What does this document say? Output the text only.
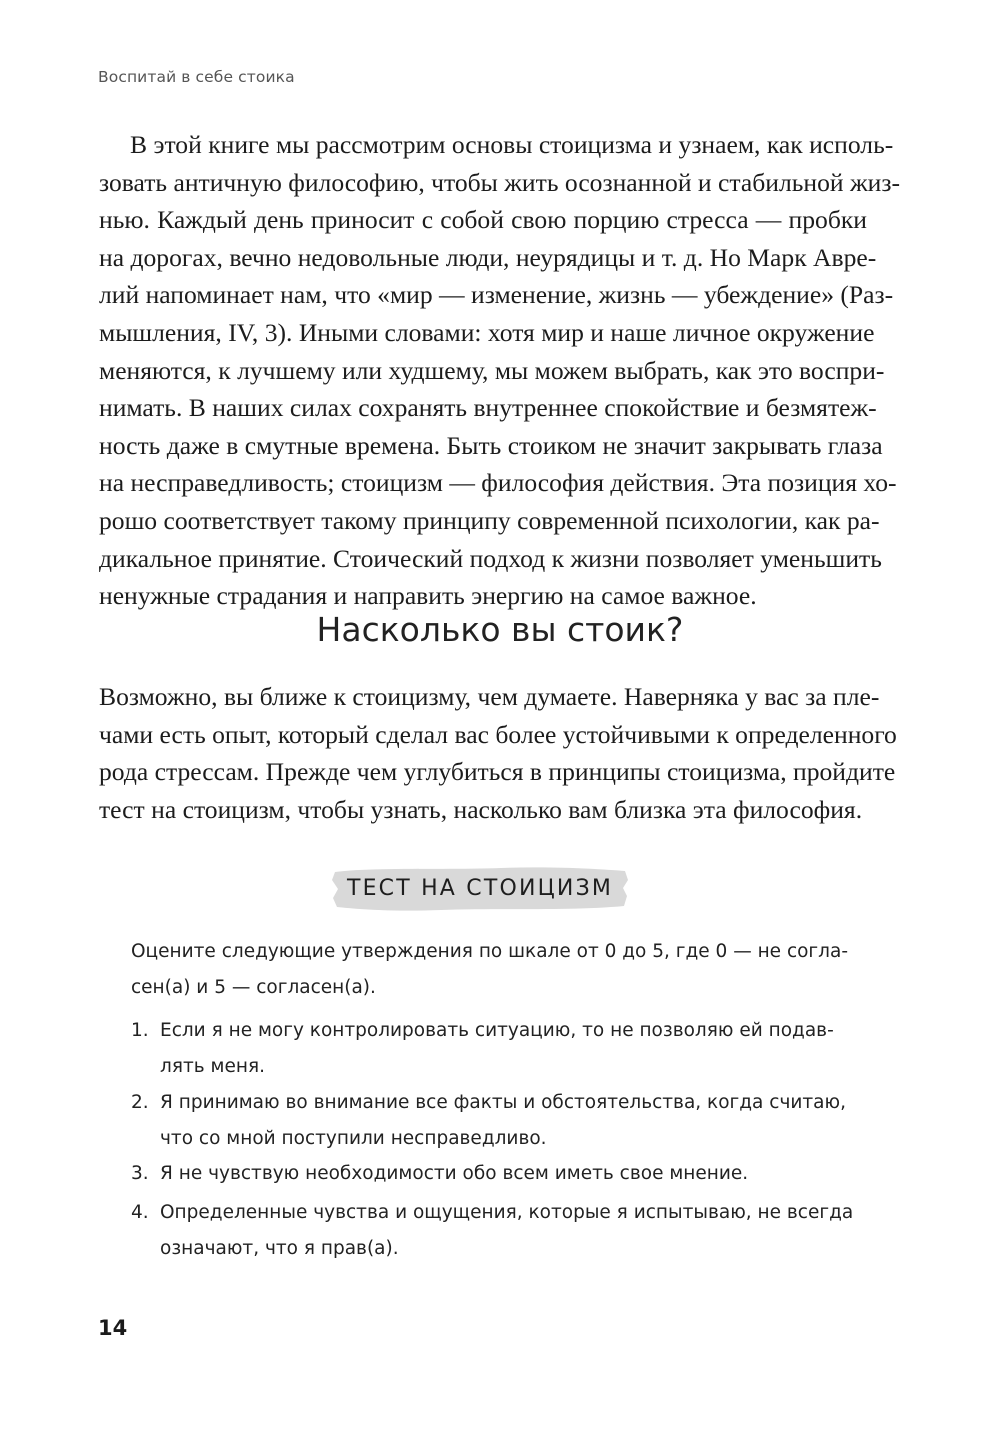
Воспитай в себе стоика

В этой книге мы рассмотрим основы стоицизма и узнаем, как исполь-
зовать античную философию, чтобы жить осознанной и стабильной жиз-
нью. Каждый день приносит с собой свою порцию стресса — пробки
на дорогах, вечно недовольные люди, неурядицы и т. д. Но Марк Авре-
лий напоминает нам, что «мир — изменение, жизнь — убеждение» (Раз-
мышления, IV, 3). Иными словами: хотя мир и наше личное окружение
меняются, к лучшему или худшему, мы можем выбрать, как это воспри-
нимать. В наших силах сохранять внутреннее спокойствие и безмятеж-
ность даже в смутные времена. Быть стоиком не значит закрывать глаза
на несправедливость; стоицизм — философия действия. Эта позиция хо-
рошо соответствует такому принципу современной психологии, как ра-
дикальное принятие. Стоический подход к жизни позволяет уменьшить
ненужные страдания и направить энергию на самое важное.

Насколько вы стоик?

Возможно, вы ближе к стоицизму, чем думаете. Наверняка у вас за пле-
чами есть опыт, который сделал вас более устойчивыми к определенного
рода стрессам. Прежде чем углубиться в принципы стоицизма, пройдите
тест на стоицизм, чтобы узнать, насколько вам близка эта философия.

ТЕСТ НА СТОИЦИЗМ
Оцените следующие утверждения по шкале от 0 до 5, где 0 — не согла-
сен(а) и 5 — согласен(а).
1. Если я не могу контролировать ситуацию, то не позволяю ей подав-
лять меня.
2. Я принимаю во внимание все факты и обстоятельства, когда считаю,
что со мной поступили несправедливо.
3. Я не чувствую необходимости обо всем иметь свое мнение.
4. Определенные чувства и ощущения, которые я испытываю, не всегда
означают, что я прав(а).
14
